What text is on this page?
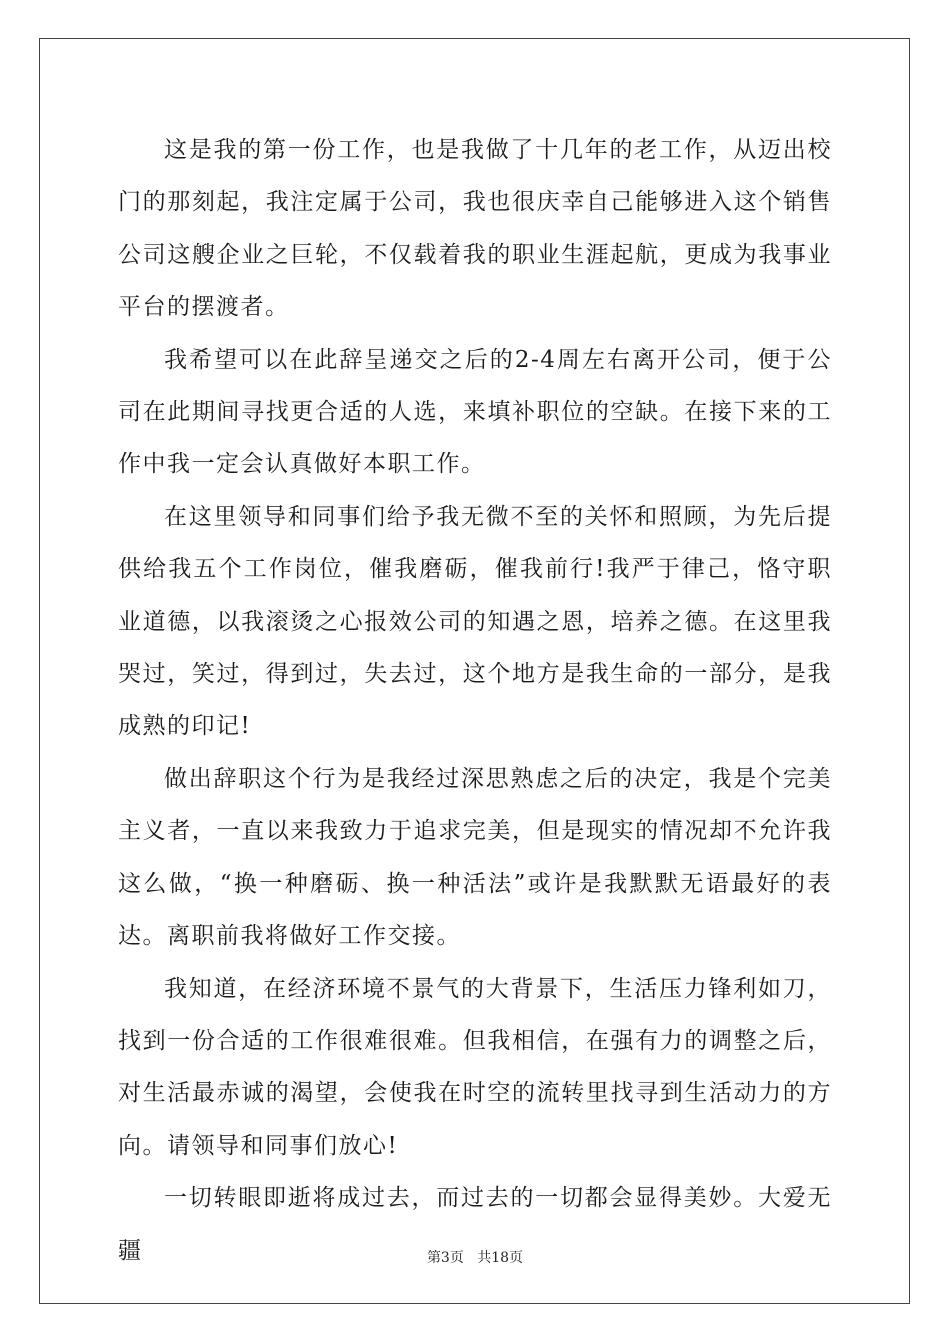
这是我的第一份工作，也是我做了十几年的老工作，从迈出校门的那刻起，我注定属于公司，我也很庆幸自己能够进入这个销售公司这艘企业之巨轮，不仅载着我的职业生涯起航，更成为我事业平台的摆渡者。

我希望可以在此辞呈递交之后的2-4周左右离开公司，便于公司在此期间寻找更合适的人选，来填补职位的空缺。在接下来的工作中我一定会认真做好本职工作。

在这里领导和同事们给予我无微不至的关怀和照顾，为先后提供给我五个工作岗位，催我磨砺，催我前行!我严于律己，恪守职业道德，以我滚烫之心报效公司的知遇之恩，培养之德。在这里我哭过，笑过，得到过，失去过，这个地方是我生命的一部分，是我成熟的印记!

做出辞职这个行为是我经过深思熟虑之后的决定，我是个完美主义者，一直以来我致力于追求完美，但是现实的情况却不允许我这么做，“换一种磨砺、换一种活法”或许是我默默无语最好的表达。离职前我将做好工作交接。

我知道，在经济环境不景气的大背景下，生活压力锋利如刀，找到一份合适的工作很难很难。但我相信，在强有力的调整之后，对生活最赤诚的渴望，会使我在时空的流转里找寻到生活动力的方向。请领导和同事们放心!

一切转眼即逝将成过去，而过去的一切都会显得美妙。大爱无疆	第3页 共18页
